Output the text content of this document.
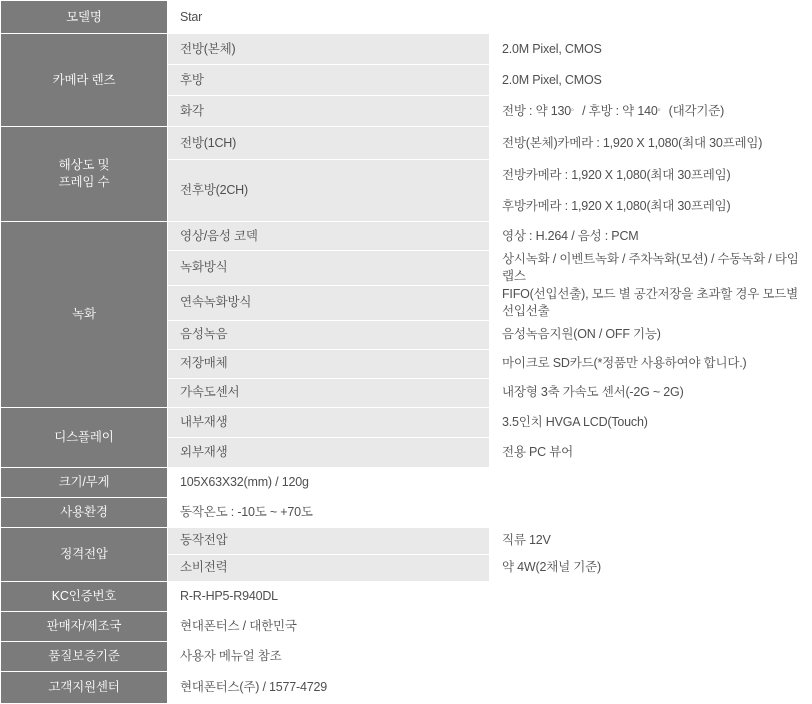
모델명	Star	
카메라 렌즈	전방(본체)	2.0M Pixel, CMOS
	후방	2.0M Pixel, CMOS
	화각	전방 : 약 130。 / 후방 : 약 140。 (대각기준)
해상도 및
프레임 수	전방(1CH)	전방(본체)카메라 : 1,920 X 1,080(최대 30프레임)
	전후방(2CH)	전방카메라 : 1,920 X 1,080(최대 30프레임)
		후방카메라 : 1,920 X 1,080(최대 30프레임)
녹화	영상/음성 코덱	영상 : H.264 / 음성 : PCM
	녹화방식	상시녹화 / 이벤트녹화 / 주차녹화(모션) / 수동녹화 / 타임랩스
	연속녹화방식	FIFO(선입선출), 모드 별 공간저장을 초과할 경우 모드별 선입선출
	음성녹음	음성녹음지원(ON / OFF 기능)
	저장매체	마이크로 SD카드(*정품만 사용하여야 합니다.)
	가속도센서	내장형 3축 가속도 센서(-2G ~ 2G)
디스플레이	내부재생	3.5인치 HVGA LCD(Touch)
	외부재생	전용 PC 뷰어
크기/무게	105X63X32(mm) / 120g	
사용환경	동작온도 : -10도 ~ +70도	
정격전압	동작전압	직류 12V
	소비전력	약 4W(2채널 기준)
KC인증번호	R-R-HP5-R940DL	
판매자/제조국	현대폰터스 / 대한민국	
품질보증기준	사용자 메뉴얼 참조	
고객지원센터	현대폰터스(주) / 1577-4729	
